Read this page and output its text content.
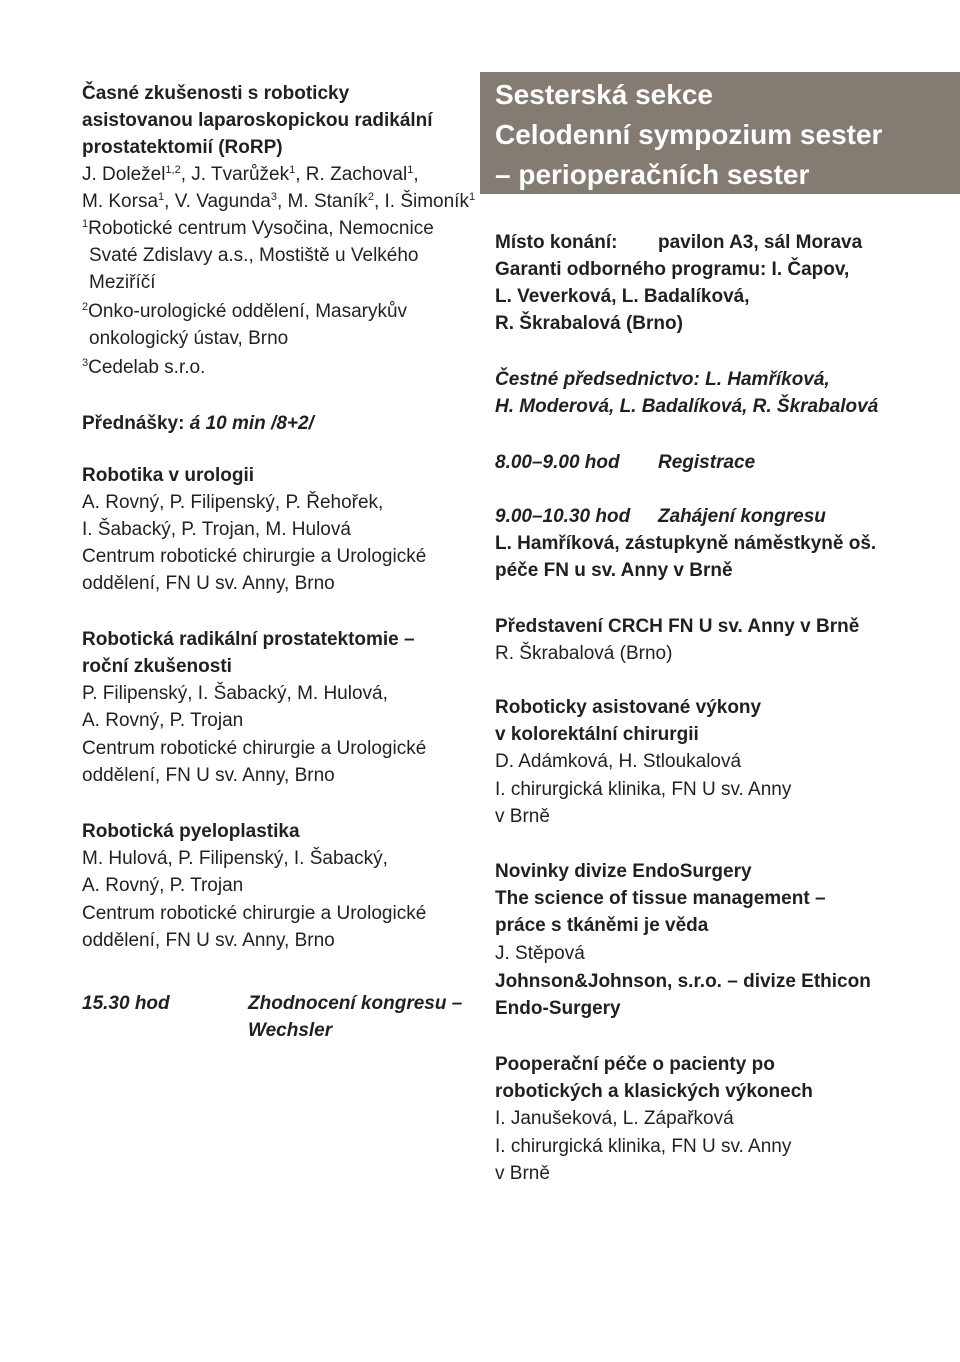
Sesterská sekce
Celodenní sympozium sester
– perioperačních sester
Časné zkušenosti s roboticky
asistovanou laparoskopickou radikální
prostatektomií (RoRP)
J. Doležel$^{1,2}$, J. Tvarůžek$^1$, R. Zachoval$^1$,
M. Korsa$^1$, V. Vagunda$^3$, M. Staník$^2$, I. Šimoník$^1$
$^1$Robotické centrum Vysočina, Nemocnice
Svaté Zdislavy a.s., Mostiště u Velkého
Meziříčí
$^2$Onko-urologické oddělení, Masarykův
onkologický ústav, Brno
$^3$Cedelab s.r.o.
Přednášky: á 10 min /8+2/
Robotika v urologii
A. Rovný, P. Filipenský, P. Řehořek,
I. Šabacký, P. Trojan, M. Hulová
Centrum robotické chirurgie a Urologické
oddělení, FN U sv. Anny, Brno
Robotická radikální prostatektomie –
roční zkušenosti
P. Filipenský, I. Šabacký, M. Hulová,
A. Rovný, P. Trojan
Centrum robotické chirurgie a Urologické
oddělení, FN U sv. Anny, Brno
Robotická pyeloplastika
M. Hulová, P. Filipenský, I. Šabacký,
A. Rovný, P. Trojan
Centrum robotické chirurgie a Urologické
oddělení, FN U sv. Anny, Brno
15.30 hod	Zhodnocení kongresu –
Wechsler
Místo konání: pavilon A3, sál Morava
Garanti odborného programu: I. Čapov,
L. Veverková, L. Badalíková,
R. Škrabalová (Brno)
Čestné předsednictvo: L. Hamříková,
H. Moderová, L. Badalíková, R. Škrabalová
8.00–9.00 hod Registrace
9.00–10.30 hod Zahájení kongresu
L. Hamříková, zástupkyně náměstkyně oš.
péče FN u sv. Anny v Brně
Představení CRCH FN U sv. Anny v Brně
R. Škrabalová (Brno)
Roboticky asistované výkony
v kolorektální chirurgii
D. Adámková, H. Stloukalová
I. chirurgická klinika, FN U sv. Anny
v Brně
Novinky divize EndoSurgery
The science of tissue management –
práce s tkáněmi je věda
J. Stěpová
Johnson&Johnson, s.r.o. – divize Ethicon
Endo-Surgery
Pooperační péče o pacienty po
robotických a klasických výkonech
I. Janušeková, L. Zápařková
I. chirurgická klinika, FN U sv. Anny
v Brně
